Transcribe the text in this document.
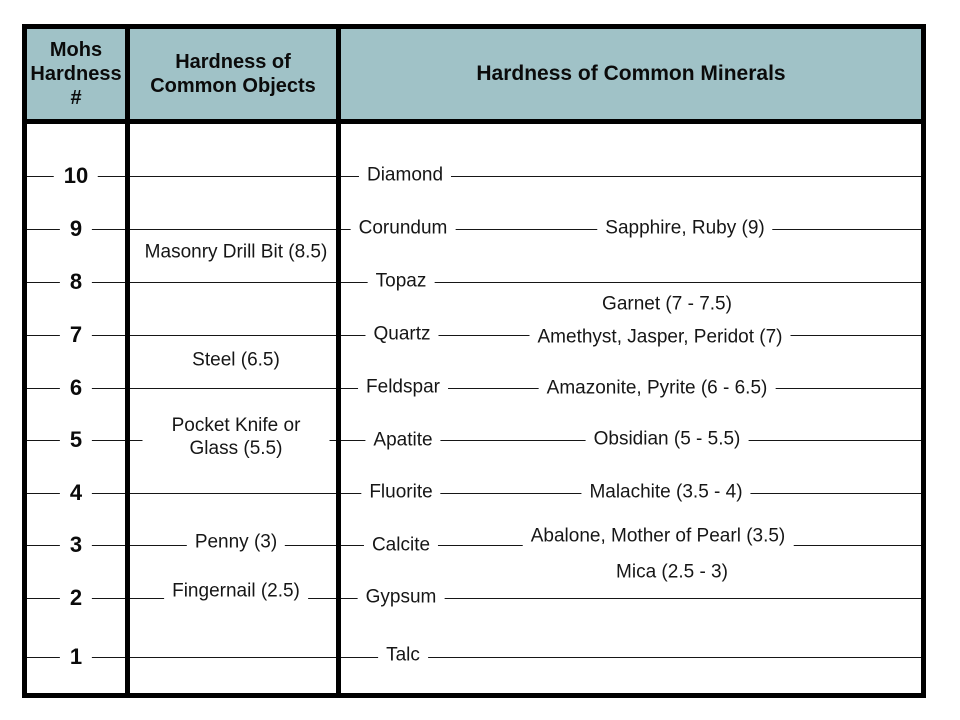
Mohs Hardness #
Hardness of Common Objects
Hardness of Common Minerals
10
9
8
7
6
5
4
3
2
1
Masonry Drill Bit (8.5)
Steel (6.5)
Pocket Knife or Glass (5.5)
Penny (3)
Fingernail (2.5)
Diamond
Corundum
Topaz
Quartz
Feldspar
Apatite
Fluorite
Calcite
Gypsum
Talc
Sapphire, Ruby (9)
Amethyst, Jasper, Peridot (7)
Amazonite, Pyrite (6 - 6.5)
Obsidian (5 - 5.5)
Malachite (3.5 - 4)
Abalone, Mother of Pearl (3.5)
Garnet (7 - 7.5)
Mica (2.5 - 3)
